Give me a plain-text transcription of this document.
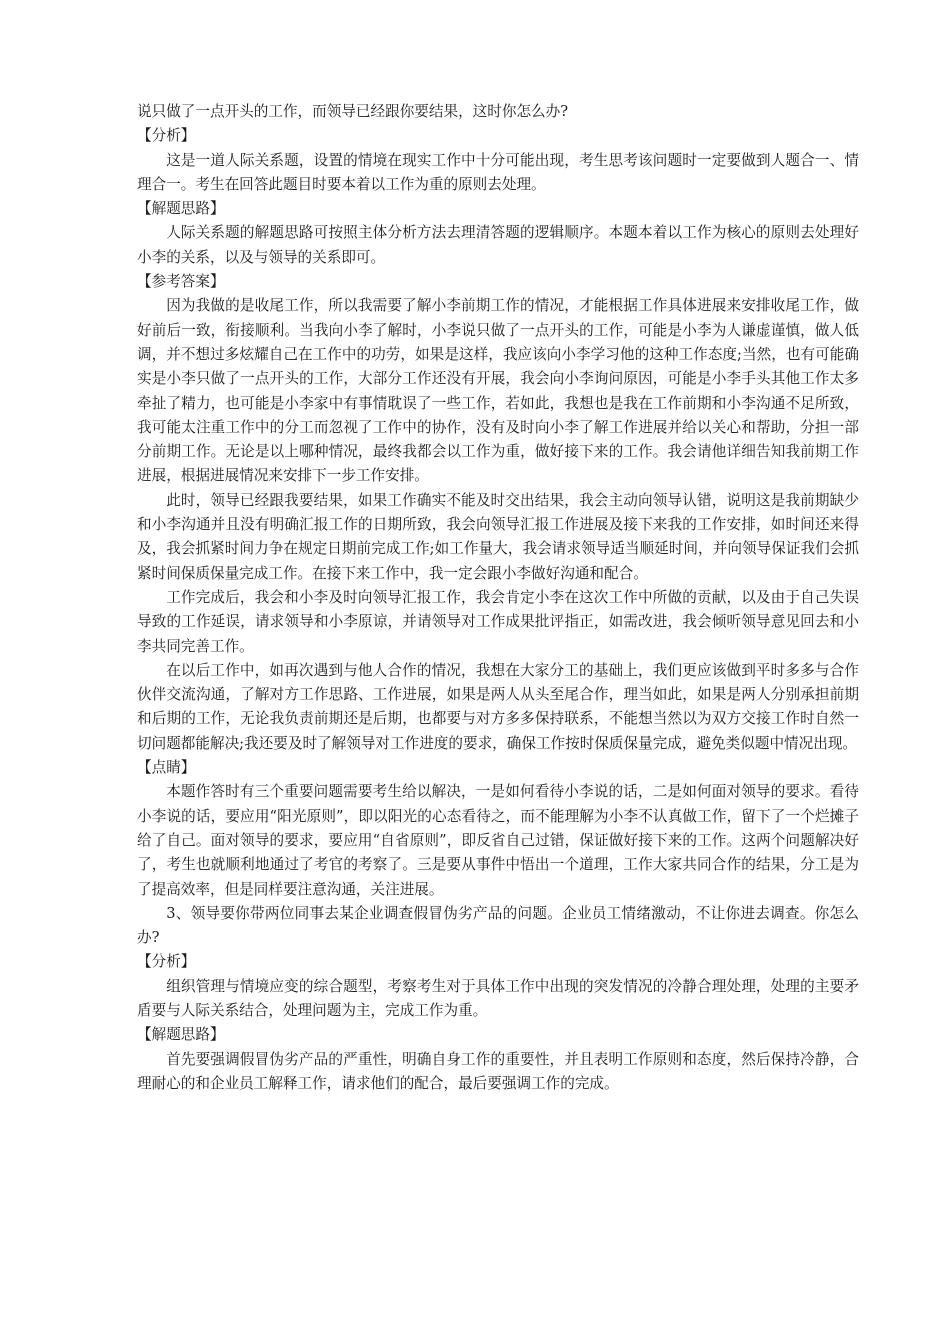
说只做了一点开头的工作，而领导已经跟你要结果，这时你怎么办?

【分析】

这是一道人际关系题，设置的情境在现实工作中十分可能出现，考生思考该问题时一定要做到人题合一、情理合一。考生在回答此题目时要本着以工作为重的原则去处理。

【解题思路】

人际关系题的解题思路可按照主体分析方法去理清答题的逻辑顺序。本题本着以工作为核心的原则去处理好小李的关系，以及与领导的关系即可。

【参考答案】

因为我做的是收尾工作，所以我需要了解小李前期工作的情况，才能根据工作具体进展来安排收尾工作，做好前后一致，衔接顺利。当我向小李了解时，小李说只做了一点开头的工作，可能是小李为人谦虚谨慎，做人低调，并不想过多炫耀自己在工作中的功劳，如果是这样，我应该向小李学习他的这种工作态度;当然，也有可能确实是小李只做了一点开头的工作，大部分工作还没有开展，我会向小李询问原因，可能是小李手头其他工作太多牵扯了精力，也可能是小李家中有事情耽误了一些工作，若如此，我想也是我在工作前期和小李沟通不足所致，我可能太注重工作中的分工而忽视了工作中的协作，没有及时向小李了解工作进展并给以关心和帮助，分担一部分前期工作。无论是以上哪种情况，最终我都会以工作为重，做好接下来的工作。我会请他详细告知我前期工作进展，根据进展情况来安排下一步工作安排。

此时，领导已经跟我要结果，如果工作确实不能及时交出结果，我会主动向领导认错，说明这是我前期缺少和小李沟通并且没有明确汇报工作的日期所致，我会向领导汇报工作进展及接下来我的工作安排，如时间还来得及，我会抓紧时间力争在规定日期前完成工作;如工作量大，我会请求领导适当顺延时间，并向领导保证我们会抓紧时间保质保量完成工作。在接下来工作中，我一定会跟小李做好沟通和配合。

工作完成后，我会和小李及时向领导汇报工作，我会肯定小李在这次工作中所做的贡献，以及由于自己失误导致的工作延误，请求领导和小李原谅，并请领导对工作成果批评指正，如需改进，我会倾听领导意见回去和小李共同完善工作。

在以后工作中，如再次遇到与他人合作的情况，我想在大家分工的基础上，我们更应该做到平时多多与合作伙伴交流沟通，了解对方工作思路、工作进展，如果是两人从头至尾合作，理当如此，如果是两人分别承担前期和后期的工作，无论我负责前期还是后期，也都要与对方多多保持联系，不能想当然以为双方交接工作时自然一切问题都能解决;我还要及时了解领导对工作进度的要求，确保工作按时保质保量完成，避免类似题中情况出现。

【点睛】

本题作答时有三个重要问题需要考生给以解决，一是如何看待小李说的话，二是如何面对领导的要求。看待小李说的话，要应用“阳光原则”，即以阳光的心态看待之，而不能理解为小李不认真做工作，留下了一个烂摊子给了自己。面对领导的要求，要应用“自省原则”，即反省自己过错，保证做好接下来的工作。这两个问题解决好了，考生也就顺利地通过了考官的考察了。三是要从事件中悟出一个道理，工作大家共同合作的结果，分工是为了提高效率，但是同样要注意沟通，关注进展。

3、领导要你带两位同事去某企业调查假冒伪劣产品的问题。企业员工情绪激动，不让你进去调查。你怎么办?

【分析】

组织管理与情境应变的综合题型，考察考生对于具体工作中出现的突发情况的冷静合理处理，处理的主要矛盾要与人际关系结合，处理问题为主，完成工作为重。

【解题思路】

首先要强调假冒伪劣产品的严重性，明确自身工作的重要性，并且表明工作原则和态度，然后保持冷静，合理耐心的和企业员工解释工作，请求他们的配合，最后要强调工作的完成。
